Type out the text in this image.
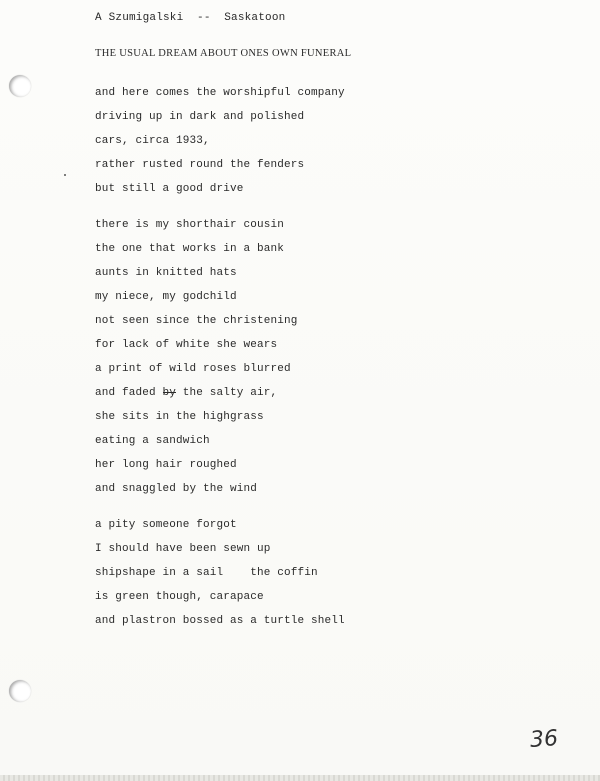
A Szumigalski  --  Saskatoon
THE USUAL DREAM ABOUT ONES OWN FUNERAL
and here comes the worshipful company
driving up in dark and polished
cars, circa 1933,
rather rusted round the fenders
but still a good drive
there is my shorthair cousin
the one that works in a bank
aunts in knitted hats
my niece, my godchild
not seen since the christening
for lack of white she wears
a print of wild roses blurred
and faded by the salty air,
she sits in the highgrass
eating a sandwich
her long hair roughed
and snaggled by the wind
a pity someone forgot
I should have been sewn up
shipshape in a sail    the coffin
is green though, carapace
and plastron bossed as a turtle shell
36
